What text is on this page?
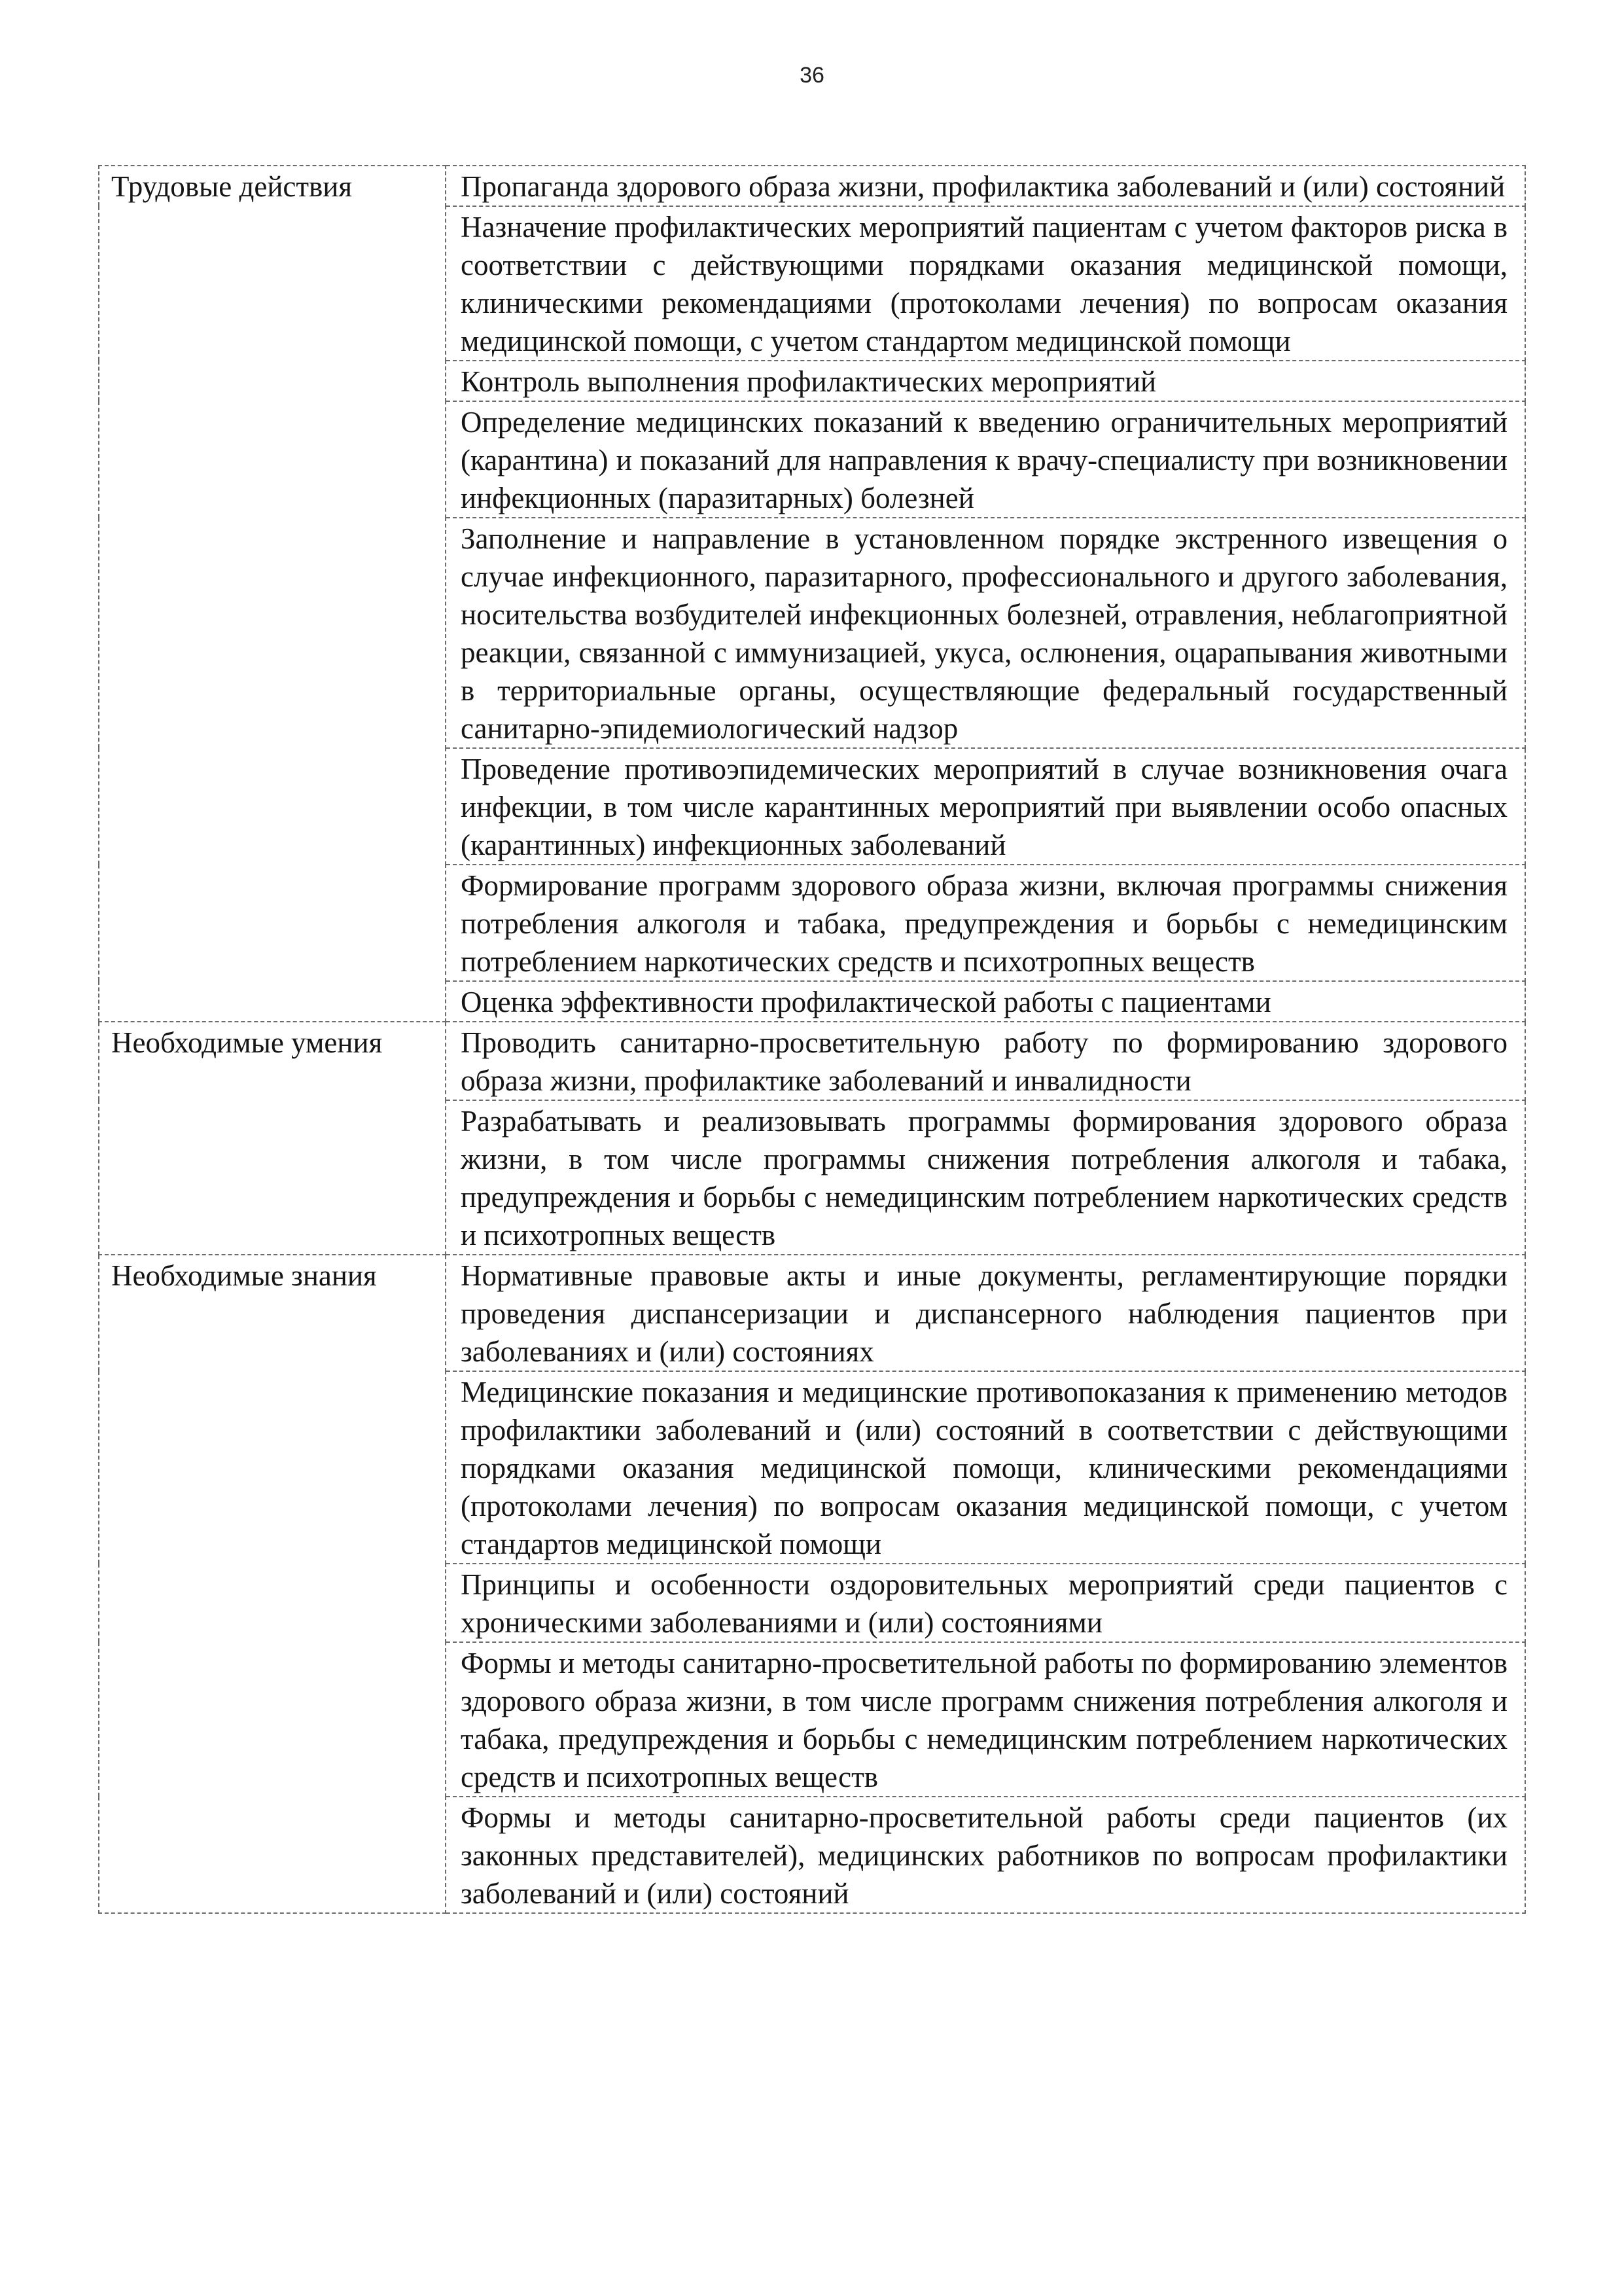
36
Трудовые действия	Пропаганда здорового образа жизни, профилактика заболеваний и (или) состояний

	Назначение профилактических мероприятий пациентам с учетом факторов риска в соответствии с действующими порядками оказания медицинской помощи, клиническими рекомендациями (протоколами лечения) по вопросам оказания медицинской помощи, с учетом стандартом медицинской помощи

	Контроль выполнения профилактических мероприятий

	Определение медицинских показаний к введению ограничительных мероприятий (карантина) и показаний для направления к врачу-специалисту при возникновении инфекционных (паразитарных) болезней

	Заполнение и направление в установленном порядке экстренного извещения о случае инфекционного, паразитарного, профессионального и другого заболевания, носительства возбудителей инфекционных болезней, отравления, неблагоприятной реакции, связанной с иммунизацией, укуса, ослюнения, оцарапывания животными в территориальные органы, осуществляющие федеральный государственный санитарно-эпидемиологический надзор

	Проведение противоэпидемических мероприятий в случае возникновения очага инфекции, в том числе карантинных мероприятий при выявлении особо опасных (карантинных) инфекционных заболеваний

	Формирование программ здорового образа жизни, включая программы снижения потребления алкоголя и табака, предупреждения и борьбы с немедицинским потреблением наркотических средств и психотропных веществ

	Оценка эффективности профилактической работы с пациентами

Необходимые умения	Проводить санитарно-просветительную работу по формированию здорового образа жизни, профилактике заболеваний и инвалидности

	Разрабатывать и реализовывать программы формирования здорового образа жизни, в том числе программы снижения потребления алкоголя и табака, предупреждения и борьбы с немедицинским потреблением наркотических средств и психотропных веществ

Необходимые знания	Нормативные правовые акты и иные документы, регламентирующие порядки проведения диспансеризации и диспансерного наблюдения пациентов при заболеваниях и (или) состояниях

	Медицинские показания и медицинские противопоказания к применению методов профилактики заболеваний и (или) состояний в соответствии с действующими порядками оказания медицинской помощи, клиническими рекомендациями (протоколами лечения) по вопросам оказания медицинской помощи, с учетом стандартов медицинской помощи

	Принципы и особенности оздоровительных мероприятий среди пациентов с хроническими заболеваниями и (или) состояниями

	Формы и методы санитарно-просветительной работы по формированию элементов здорового образа жизни, в том числе программ снижения потребления алкоголя и табака, предупреждения и борьбы с немедицинским потреблением наркотических средств и психотропных веществ

	Формы и методы санитарно-просветительной работы среди пациентов (их законных представителей), медицинских работников по вопросам профилактики заболеваний и (или) состояний
